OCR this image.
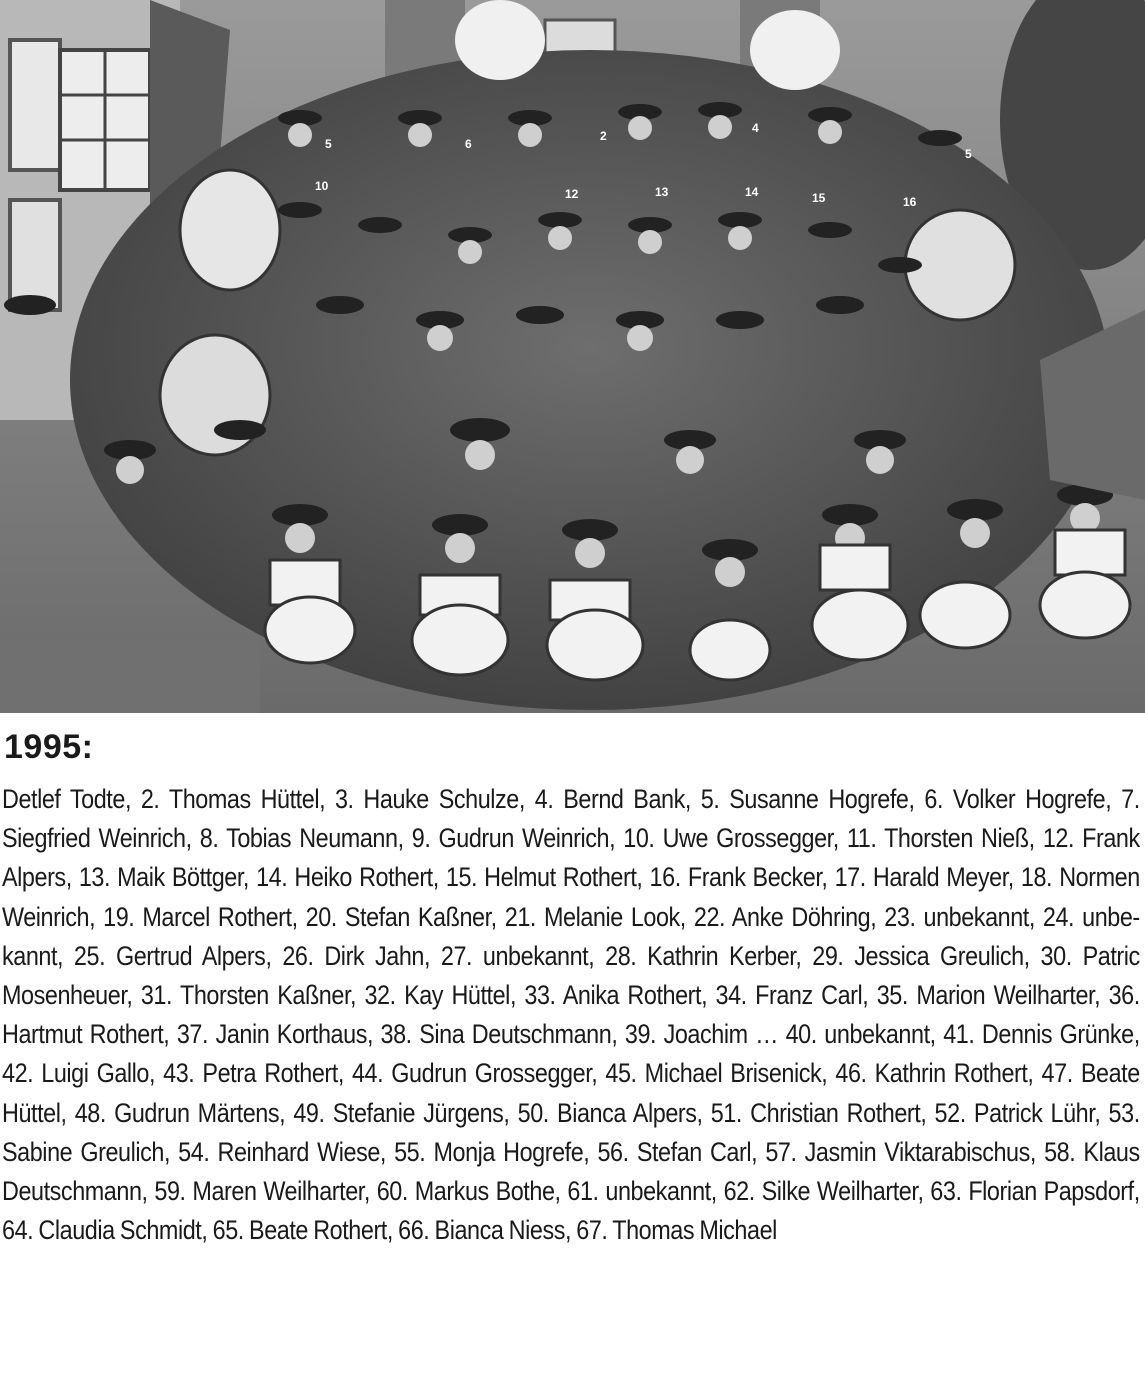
5	6
2
4
5
10
12	13	14	15	16
1995:

Detlef Todte, 2. Thomas Hüttel, 3. Hauke Schulze, 4. Bernd Bank, 5. Susanne Hogrefe, 6. Volker Hogrefe, 7. Siegfried Weinrich, 8. Tobias Neumann, 9. Gudrun Weinrich, 10. Uwe Grossegger, 11. Thorsten Nieß, 12. Frank Alpers, 13. Maik Böttger, 14. Heiko Rothert, 15. Helmut Rothert, 16. Frank Becker, 17. Harald Meyer, 18. Normen Weinrich, 19. Marcel Rothert, 20. Stefan Kaßner, 21. Melanie Look, 22. Anke Döhring, 23. unbekannt, 24. unbe-kannt, 25. Gertrud Alpers, 26. Dirk Jahn, 27. unbekannt, 28. Kathrin Kerber, 29. Jessica Greulich, 30. Patric Mosenheuer, 31. Thorsten Kaßner, 32. Kay Hüttel, 33. Anika Rothert, 34. Franz Carl, 35. Marion Weilharter, 36. Hartmut Rothert, 37. Janin Korthaus, 38. Sina Deutschmann, 39. Joachim … 40. unbekannt, 41. Dennis Grünke, 42. Luigi Gallo, 43. Petra Rothert, 44. Gudrun Grossegger, 45. Michael Brisenick, 46. Kathrin Rothert, 47. Beate Hüttel, 48. Gudrun Märtens, 49. Stefanie Jürgens, 50. Bianca Alpers, 51. Christian Rothert, 52. Patrick Lühr, 53. Sabine Greulich, 54. Reinhard Wiese, 55. Monja Hogrefe, 56. Stefan Carl, 57. Jasmin Viktarabischus, 58. Klaus Deutschmann, 59. Maren Weilharter, 60. Markus Bothe, 61. unbekannt, 62. Silke Weilharter, 63. Florian Papsdorf, 64. Claudia Schmidt, 65. Beate Rothert, 66. Bianca Niess, 67. Thomas Michael
